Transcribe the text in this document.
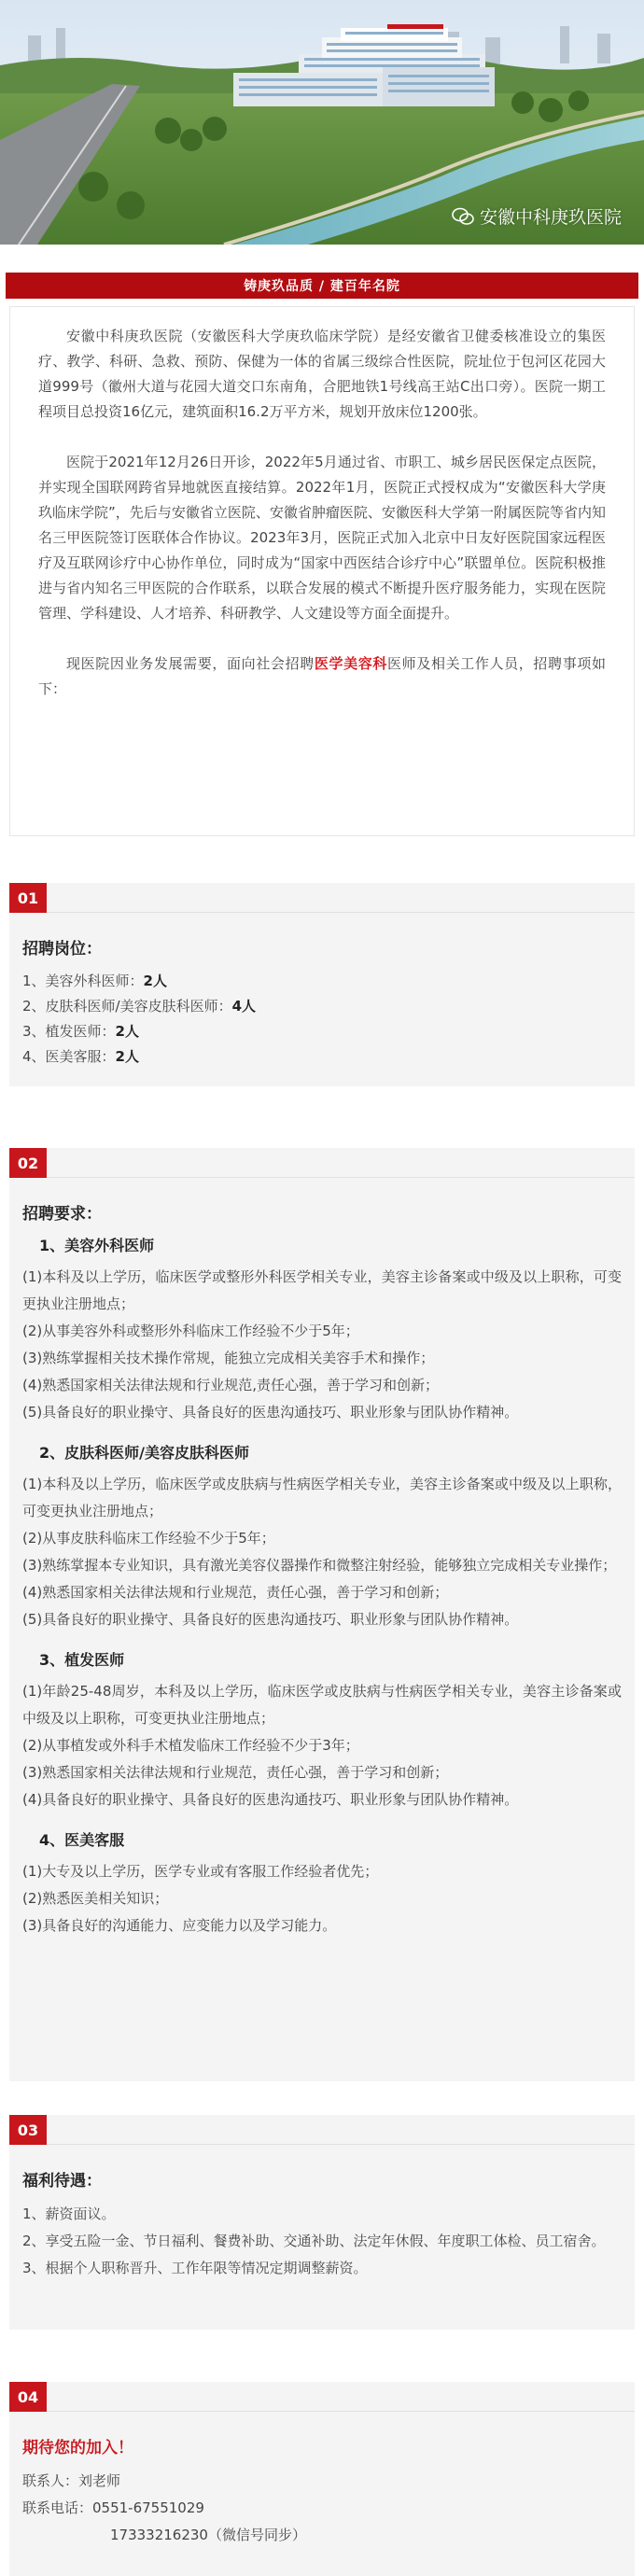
安徽中科庚玖医院
铸庚玖品质 / 建百年名院

安徽中科庚玖医院（安徽医科大学庚玖临床学院）是经安徽省卫健委核准设立的集医疗、教学、科研、急救、预防、保健为一体的省属三级综合性医院，院址位于包河区花园大道999号（徽州大道与花园大道交口东南角，合肥地铁1号线高王站C出口旁）。医院一期工程项目总投资16亿元，建筑面积16.2万平方米，规划开放床位1200张。

医院于2021年12月26日开诊，2022年5月通过省、市职工、城乡居民医保定点医院，并实现全国联网跨省异地就医直接结算。2022年1月，医院正式授权成为“安徽医科大学庚玖临床学院”，先后与安徽省立医院、安徽省肿瘤医院、安徽医科大学第一附属医院等省内知名三甲医院签订医联体合作协议。2023年3月，医院正式加入北京中日友好医院国家远程医疗及互联网诊疗中心协作单位，同时成为“国家中西医结合诊疗中心”联盟单位。医院积极推进与省内知名三甲医院的合作联系，以联合发展的模式不断提升医疗服务能力，实现在医院管理、学科建设、人才培养、科研教学、人文建设等方面全面提升。

现医院因业务发展需要，面向社会招聘医学美容科医师及相关工作人员，招聘事项如下：

01
招聘岗位：
1、美容外科医师：2人
2、皮肤科医师/美容皮肤科医师：4人
3、植发医师：2人
4、医美客服：2人
02
招聘要求：
1、美容外科医师
(1)本科及以上学历，临床医学或整形外科医学相关专业，美容主诊备案或中级及以上职称，可变更执业注册地点；
(2)从事美容外科或整形外科临床工作经验不少于5年；
(3)熟练掌握相关技术操作常规，能独立完成相关美容手术和操作；
(4)熟悉国家相关法律法规和行业规范,责任心强，善于学习和创新；
(5)具备良好的职业操守、具备良好的医患沟通技巧、职业形象与团队协作精神。
2、皮肤科医师/美容皮肤科医师
(1)本科及以上学历，临床医学或皮肤病与性病医学相关专业，美容主诊备案或中级及以上职称，可变更执业注册地点；
(2)从事皮肤科临床工作经验不少于5年；
(3)熟练掌握本专业知识，具有激光美容仪器操作和微整注射经验，能够独立完成相关专业操作；
(4)熟悉国家相关法律法规和行业规范，责任心强，善于学习和创新；
(5)具备良好的职业操守、具备良好的医患沟通技巧、职业形象与团队协作精神。
3、植发医师
(1)年龄25-48周岁，本科及以上学历，临床医学或皮肤病与性病医学相关专业，美容主诊备案或中级及以上职称，可变更执业注册地点；
(2)从事植发或外科手术植发临床工作经验不少于3年；
(3)熟悉国家相关法律法规和行业规范，责任心强，善于学习和创新；
(4)具备良好的职业操守、具备良好的医患沟通技巧、职业形象与团队协作精神。
4、医美客服
(1)大专及以上学历，医学专业或有客服工作经验者优先；
(2)熟悉医美相关知识；
(3)具备良好的沟通能力、应变能力以及学习能力。
03
福利待遇：
1、薪资面议。
2、享受五险一金、节日福利、餐费补助、交通补助、法定年休假、年度职工体检、员工宿舍。
3、根据个人职称晋升、工作年限等情况定期调整薪资。
04
期待您的加入！
联系人：刘老师
联系电话：0551-67551029
17333216230（微信号同步）
